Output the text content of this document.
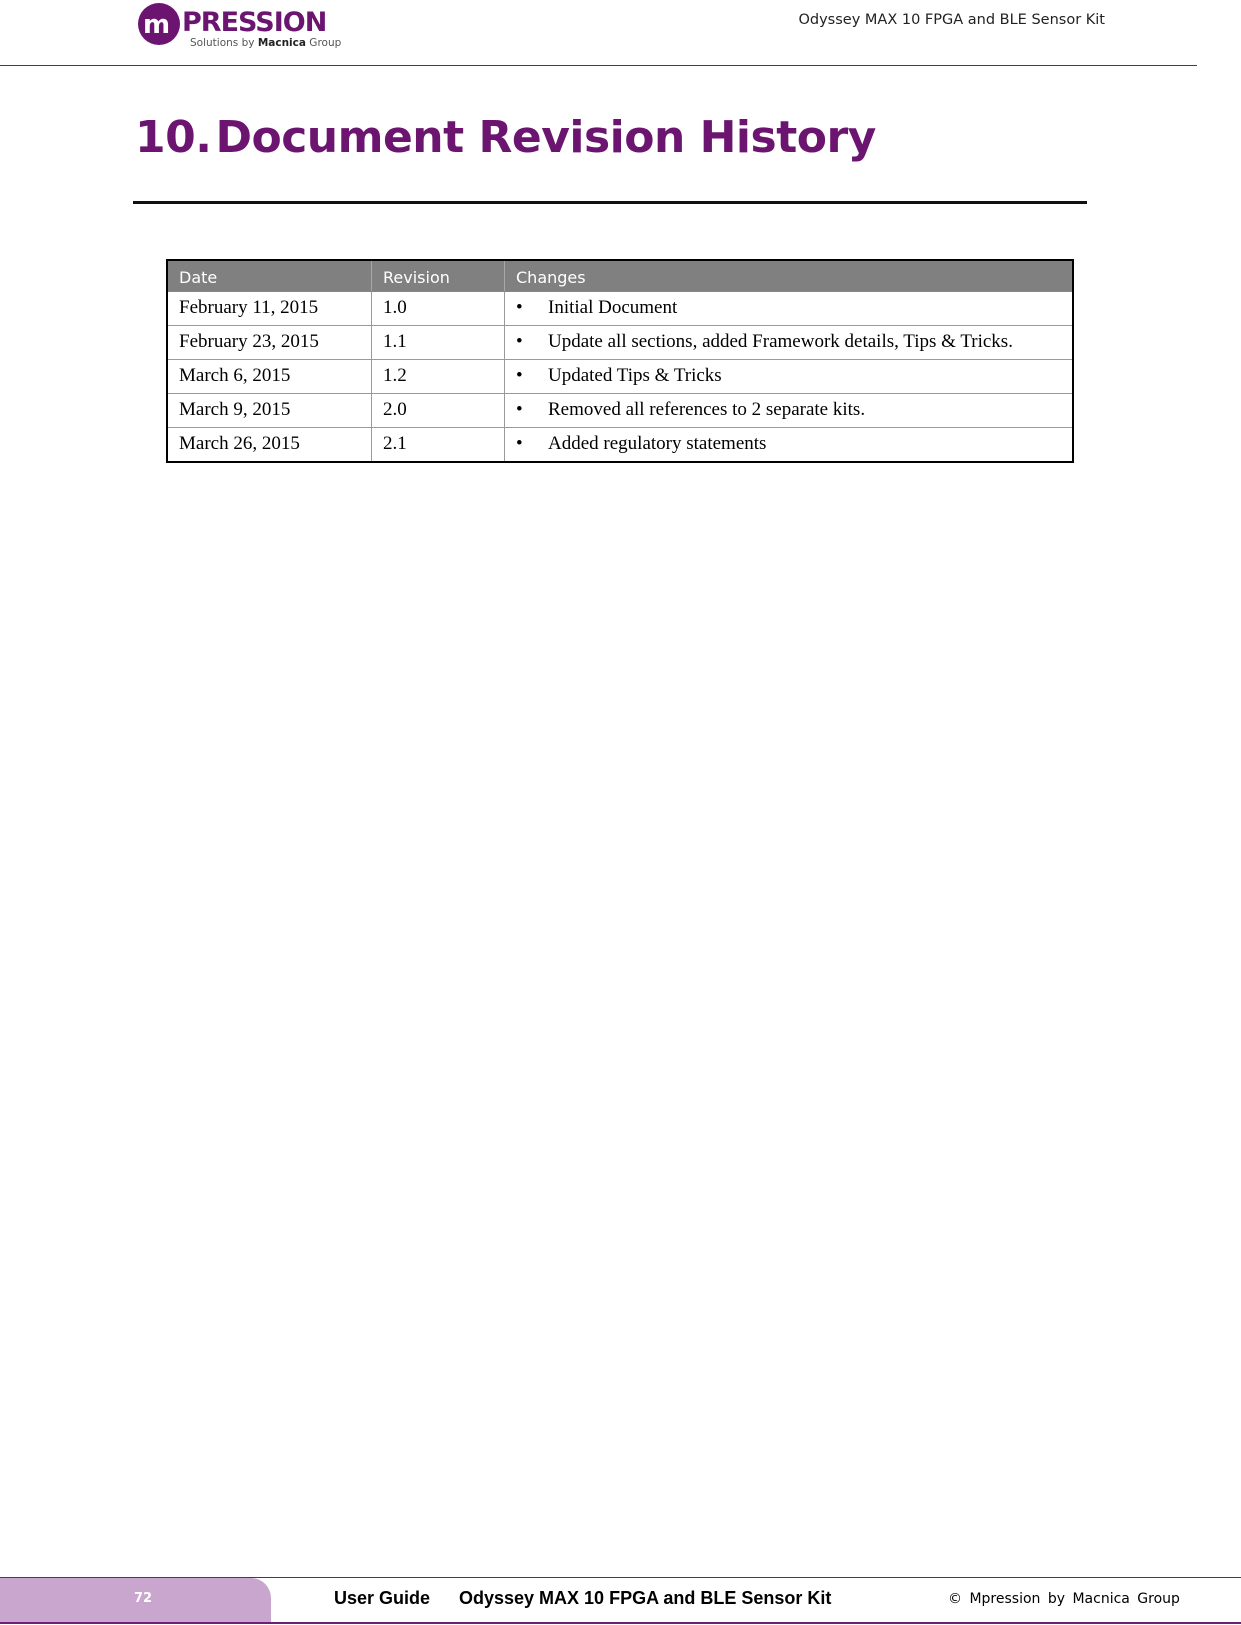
m PRESSION
Solutions by Macnica Group
Odyssey MAX 10 FPGA and BLE Sensor Kit
10.Document Revision History
Date	Revision	Changes
February 11, 2015	1.0	• Initial Document

February 23, 2015	1.1	• Update all sections, added Framework details, Tips & Tricks.

March 6, 2015	1.2	• Updated Tips & Tricks

March 9, 2015	2.0	• Removed all references to 2 separate kits.

March 26, 2015	2.1	• Added regulatory statements
72	User Guide Odyssey MAX 10 FPGA and BLE Sensor Kit	© Mpression by Macnica Group
